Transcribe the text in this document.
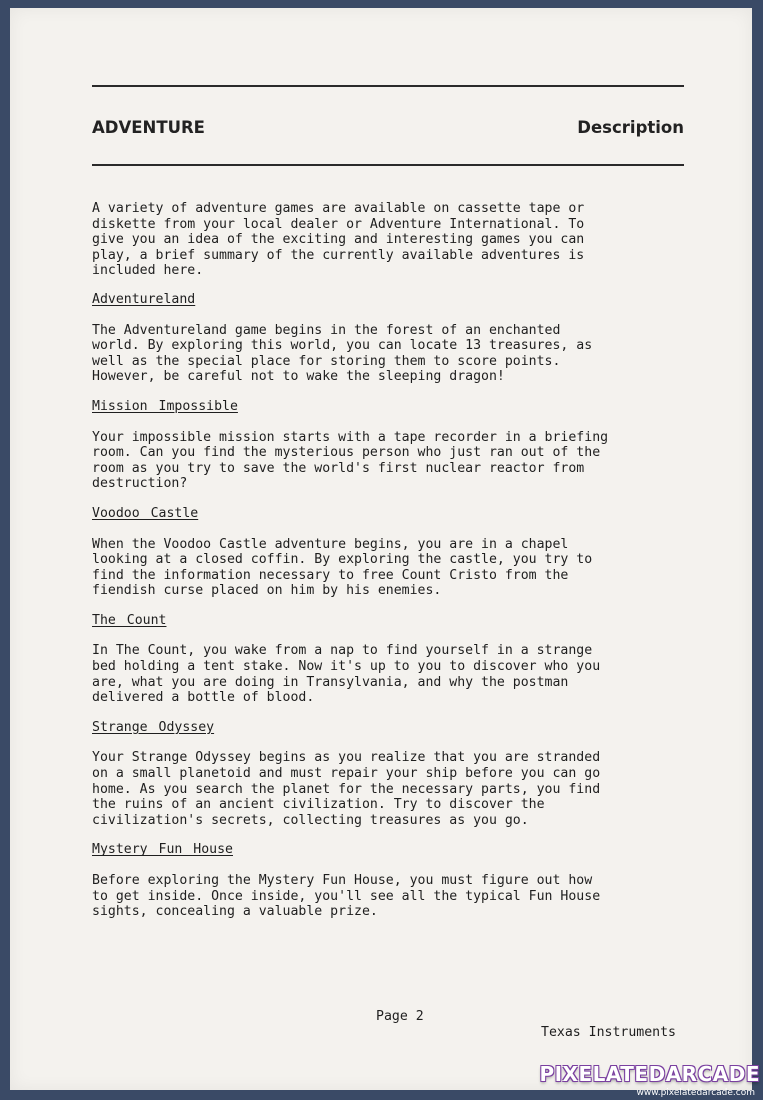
ADVENTURE	Description

A variety of adventure games are available on cassette tape or
diskette from your local dealer or Adventure International. To
give you an idea of the exciting and interesting games you can
play, a brief summary of the currently available adventures is
included here.

Adventureland

The Adventureland game begins in the forest of an enchanted
world. By exploring this world, you can locate 13 treasures, as
well as the special place for storing them to score points.
However, be careful not to wake the sleeping dragon!

Mission Impossible

Your impossible mission starts with a tape recorder in a briefing
room. Can you find the mysterious person who just ran out of the
room as you try to save the world's first nuclear reactor from
destruction?

Voodoo Castle

When the Voodoo Castle adventure begins, you are in a chapel
looking at a closed coffin. By exploring the castle, you try to
find the information necessary to free Count Cristo from the
fiendish curse placed on him by his enemies.

The Count

In The Count, you wake from a nap to find yourself in a strange
bed holding a tent stake. Now it's up to you to discover who you
are, what you are doing in Transylvania, and why the postman
delivered a bottle of blood.

Strange Odyssey

Your Strange Odyssey begins as you realize that you are stranded
on a small planetoid and must repair your ship before you can go
home. As you search the planet for the necessary parts, you find
the ruins of an ancient civilization. Try to discover the
civilization's secrets, collecting treasures as you go.

Mystery Fun House

Before exploring the Mystery Fun House, you must figure out how
to get inside. Once inside, you'll see all the typical Fun House
sights, concealing a valuable prize.

Page 2
Texas Instruments
PIXELATEDARCADE
www.pixelatedarcade.com
